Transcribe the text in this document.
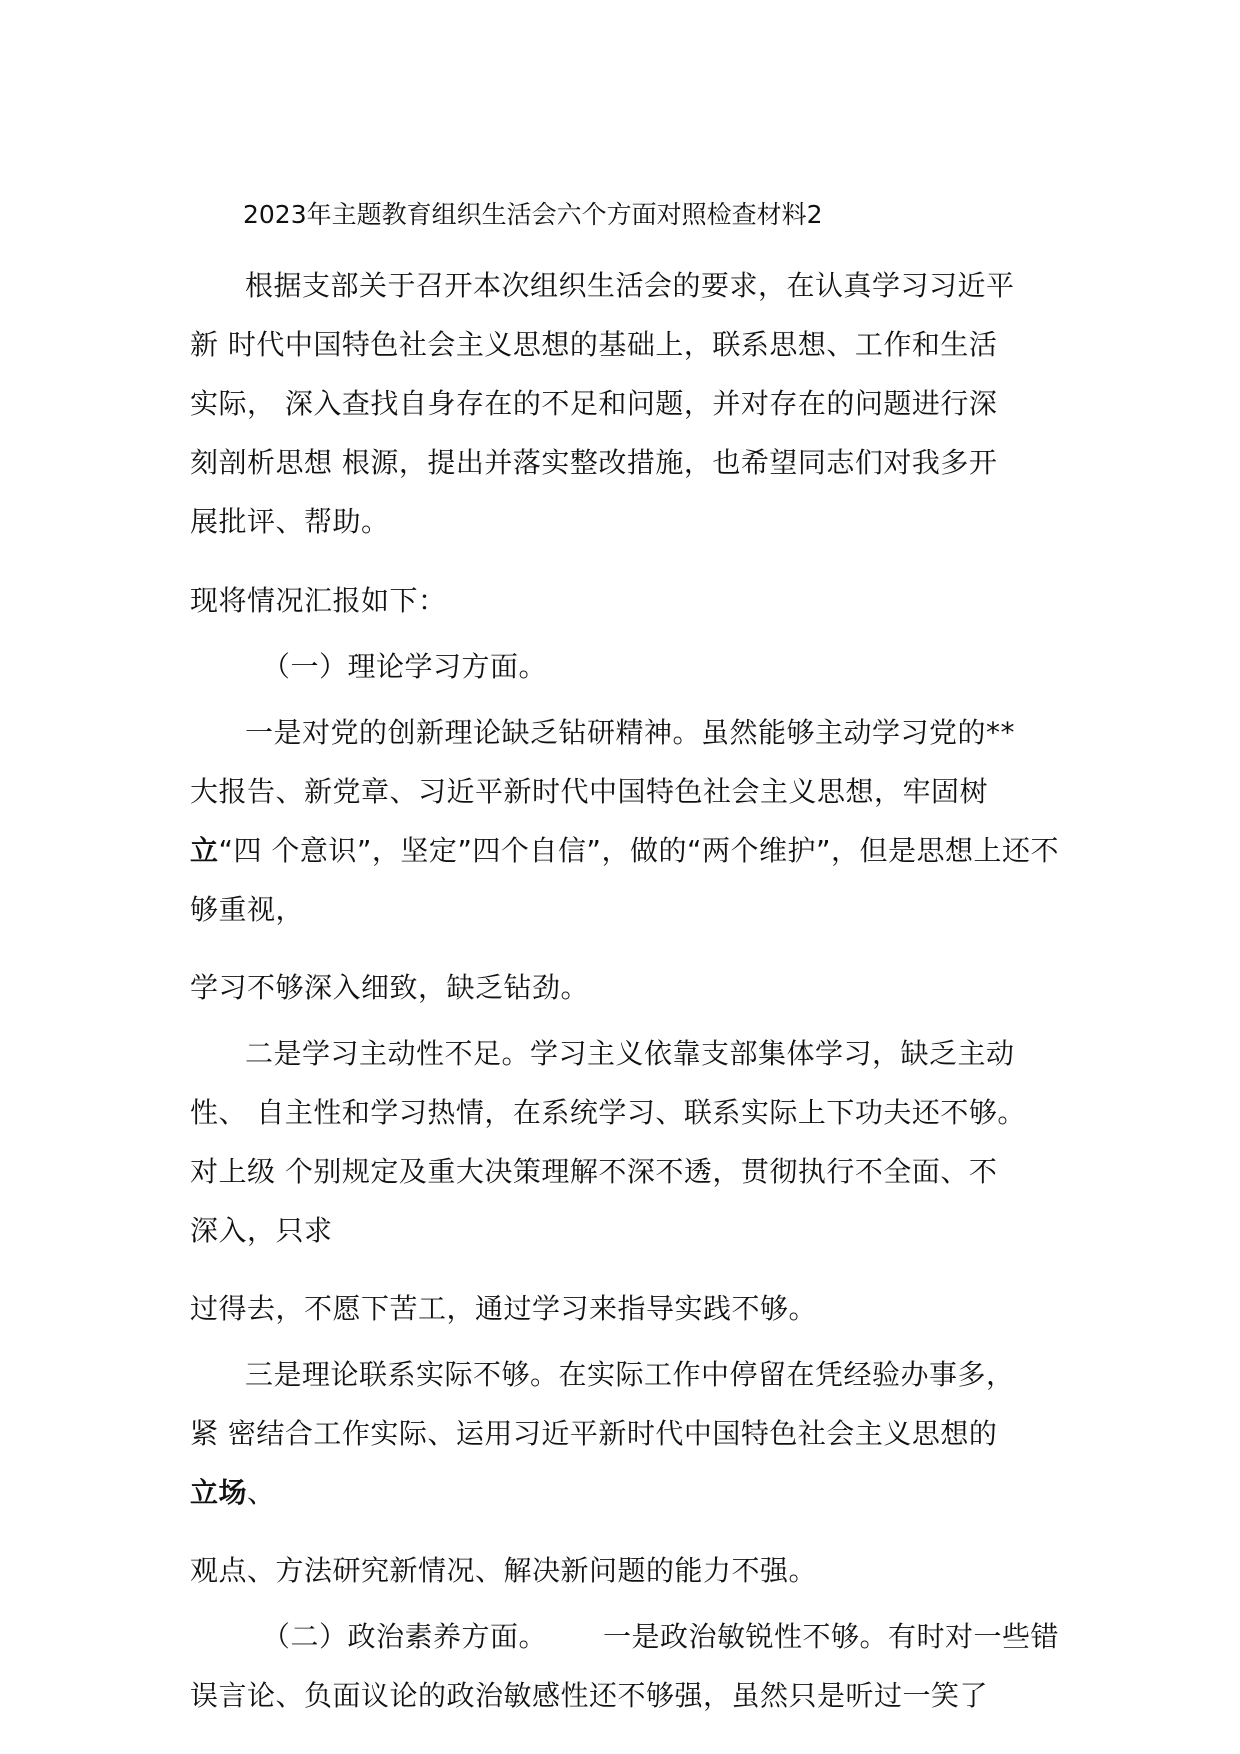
2023年主题教育组织生活会六个方面对照检查材料2
根据支部关于召开本次组织生活会的要求，在认真学习习近平
新 时代中国特色社会主义思想的基础上，联系思想、工作和生活
实际， 深入查找自身存在的不足和问题，并对存在的问题进行深
刻剖析思想 根源，提出并落实整改措施，也希望同志们对我多开
展批评、帮助。
现将情况汇报如下：
（一）理论学习方面。
一是对党的创新理论缺乏钻研精神。虽然能够主动学习党的**
大报告、新党章、习近平新时代中国特色社会主义思想，牢固树
立“四 个意识”，坚定”四个自信”，做的“两个维护”，但是思想上还不
够重视，
学习不够深入细致，缺乏钻劲。
二是学习主动性不足。学习主义依靠支部集体学习，缺乏主动
性、 自主性和学习热情，在系统学习、联系实际上下功夫还不够。
对上级 个别规定及重大决策理解不深不透，贯彻执行不全面、不
深入，只求
过得去，不愿下苦工，通过学习来指导实践不够。
三是理论联系实际不够。在实际工作中停留在凭经验办事多，
紧 密结合工作实际、运用习近平新时代中国特色社会主义思想的
立场、
观点、方法研究新情况、解决新问题的能力不强。
（二）政治素养方面。 一是政治敏锐性不够。有时对一些错
误言论、负面议论的政治敏感性还不够强，虽然只是听过一笑了
